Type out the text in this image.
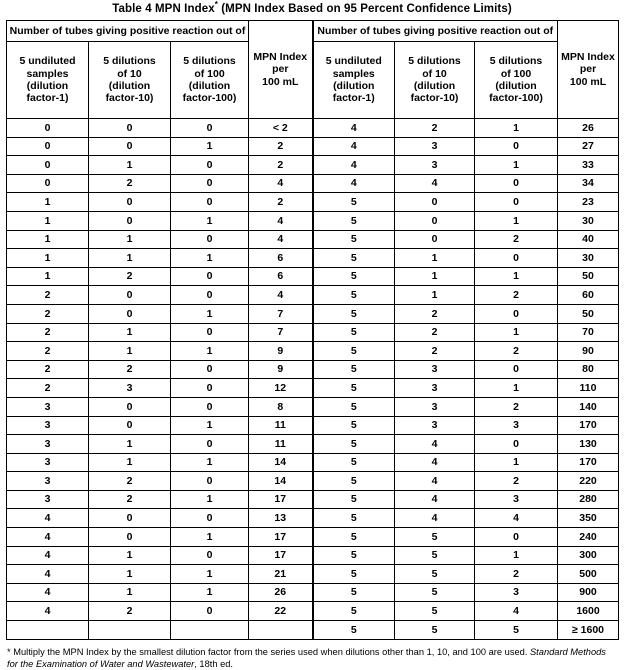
Table 4 MPN Index* (MPN Index Based on 95 Percent Confidence Limits)
Number of tubes giving positive reaction out of	
MPN Index
per
100 mL
	Number of tubes giving positive reaction out of	
MPN Index
per
100 mL

5 undiluted
samples
(dilution
factor-1)

5 dilutions
of 10
(dilution
factor-10)

5 dilutions
of 100
(dilution
factor-100)

5 undiluted
samples
(dilution
factor-1)

5 dilutions
of 10
(dilution
factor-10)

5 dilutions
of 100
(dilution
factor-100)

0	0	0	< 2	4	2	1	26
0	0	1	2	4	3	0	27
0	1	0	2	4	3	1	33
0	2	0	4	4	4	0	34
1	0	0	2	5	0	0	23
1	0	1	4	5	0	1	30
1	1	0	4	5	0	2	40
1	1	1	6	5	1	0	30
1	2	0	6	5	1	1	50
2	0	0	4	5	1	2	60
2	0	1	7	5	2	0	50
2	1	0	7	5	2	1	70
2	1	1	9	5	2	2	90
2	2	0	9	5	3	0	80
2	3	0	12	5	3	1	110
3	0	0	8	5	3	2	140
3	0	1	11	5	3	3	170
3	1	0	11	5	4	0	130
3	1	1	14	5	4	1	170
3	2	0	14	5	4	2	220
3	2	1	17	5	4	3	280
4	0	0	13	5	4	4	350
4	0	1	17	5	5	0	240
4	1	0	17	5	5	1	300
4	1	1	21	5	5	2	500
4	1	1	26	5	5	3	900
4	2	0	22	5	5	4	1600
				5	5	5	≥ 1600
* Multiply the MPN Index by the smallest dilution factor from the series used when dilutions other than 1, 10, and 100 are used. Standard Methods for the Examination of Water and Wastewater, 18th ed.
